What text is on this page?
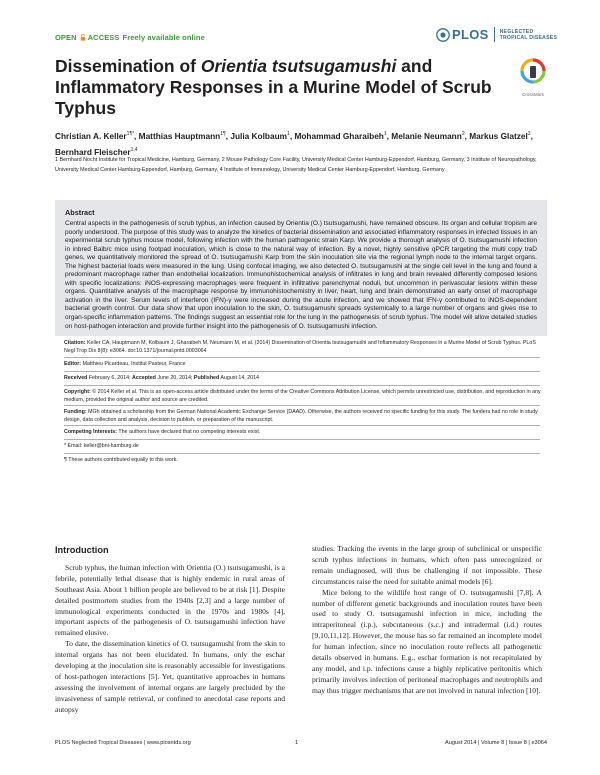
OPEN ACCESS Freely available online	PLOS NEGLECTED
TROPICAL DISEASES
Dissemination of Orientia tsutsugamushi and Inflammatory Responses in a Murine Model of Scrub Typhus
CrossMark
Christian A. Keller$^{1\P*}$, Matthias Hauptmann$^{1\P}$, Julia Kolbaum$^1$, Mohammad Gharaibeh$^1$, Melanie Neumann$^2$, Markus Glatzel$^3$, Bernhard Fleischer$^{1,4}$
1 Bernhard Nocht Institute for Tropical Medicine, Hamburg, Germany, 2 Mouse Pathology Core Facility, University Medical Center Hamburg-Eppendorf, Hamburg, Germany, 3 Institute of Neuropathology, University Medical Center Hamburg-Eppendorf, Hamburg, Germany, 4 Institute of Immunology, University Medical Center Hamburg-Eppendorf, Hamburg, Germany
Abstract
Central aspects in the pathogenesis of scrub typhus, an infection caused by Orientia (O.) tsutsugamushi, have remained obscure. Its organ and cellular tropism are poorly understood. The purpose of this study was to analyze the kinetics of bacterial dissemination and associated inflammatory responses in infected tissues in an experimental scrub typhus mouse model, following infection with the human pathogenic strain Karp. We provide a thorough analysis of O. tsutsugamushi infection in inbred Balb/c mice using footpad inoculation, which is close to the natural way of infection. By a novel, highly sensitive qPCR targeting the multi copy traD genes, we quantitatively monitored the spread of O. tsutsugamushi Karp from the skin inoculation site via the regional lymph node to the internal target organs. The highest bacterial loads were measured in the lung. Using confocal imaging, we also detected O. tsutsugamushi at the single cell level in the lung and found a predominant macrophage rather than endothelial localization. Immunohistochemical analysis of infiltrates in lung and brain revealed differently composed lesions with specific localizations: iNOS-expressing macrophages were frequent in infiltrative parenchymal noduli, but uncommon in perivascular lesions within these organs. Quantitative analysis of the macrophage response by immunohistochemistry in liver, heart, lung and brain demonstrated an early onset of macrophage activation in the liver. Serum levels of interferon (IFN)-γ were increased during the acute infection, and we showed that IFN-γ contributed to iNOS-dependent bacterial growth control. Our data show that upon inoculation to the skin, O. tsutsugamushi spreads systemically to a large number of organs and gives rise to organ-specific inflammation patterns. The findings suggest an essential role for the lung in the pathogenesis of scrub typhus. The model will allow detailed studies on host-pathogen interaction and provide further insight into the pathogenesis of O. tsutsugamushi infection.
Citation: Keller CA, Hauptmann M, Kolbaum J, Gharaibeh M, Neumann M, et al. (2014) Dissemination of Orientia tsutsugamushi and Inflammatory Responses in a Murine Model of Scrub Typhus. PLoS Negl Trop Dis 8(8): e3064. doi:10.1371/journal.pntd.0003064
Editor: Matthieu Picardeau, Institut Pasteur, France
Received February 6, 2014; Accepted June 20, 2014; Published August 14, 2014
Copyright: © 2014 Keller et al. This is an open-access article distributed under the terms of the Creative Commons Attribution License, which permits unrestricted use, distribution, and reproduction in any medium, provided the original author and source are credited.
Funding: MGh obtained a scholarship from the German National Academic Exchange Service (DAAD). Otherwise, the authors received no specific funding for this study. The funders had no role in study design, data collection and analysis, decision to publish, or preparation of the manuscript.
Competing Interests: The authors have declared that no competing interests exist.
* Email: keller@bni-hamburg.de
¶ These authors contributed equally to this work.
Introduction

Scrub typhus, the human infection with Orientia (O.) tsutsugamushi, is a febrile, potentially lethal disease that is highly endemic in rural areas of Southeast Asia. About 1 billion people are believed to be at risk [1]. Despite detailed postmortem studies from the 1940s [2,3] and a large number of immunological experiments conducted in the 1970s and 1980s [4], important aspects of the pathogenesis of O. tsutsugamushi infection have remained elusive.

To date, the dissemination kinetics of O. tsutsugamushi from the skin to internal organs has not been elucidated. In humans, only the eschar developing at the inoculation site is reasonably accessible for investigations of host-pathogen interactions [5]. Yet, quantitative approaches in humans assessing the involvement of internal organs are largely precluded by the invasiveness of sample retrieval, or confined to anecdotal case reports and autopsy

studies. Tracking the events in the large group of subclinical or unspecific scrub typhus infections in humans, which often pass unrecognized or remain undiagnosed, will thus be challenging if not impossible. These circumstances raise the need for suitable animal models [6].

Mice belong to the wildlife host range of O. tsutsugamushi [7,8]. A number of different genetic backgrounds and inoculation routes have been used to study O. tsutsugamushi infection in mice, including the intraperitoneal (i.p.), subcutaneous (s.c.) and intradermal (i.d.) routes [9,10,11,12]. However, the mouse has so far remained an incomplete model for human infection, since no inoculation route reflects all pathogenetic details observed in humans. E.g., eschar formation is not recapitulated by any model, and i.p. infections cause a highly replicative peritonitis which primarily involves infection of peritoneal macrophages and neutrophils and may thus trigger mechanisms that are not involved in natural infection [10].

PLOS Neglected Tropical Diseases | www.plosntds.org	1	August 2014 | Volume 8 | Issue 8 | e3064
